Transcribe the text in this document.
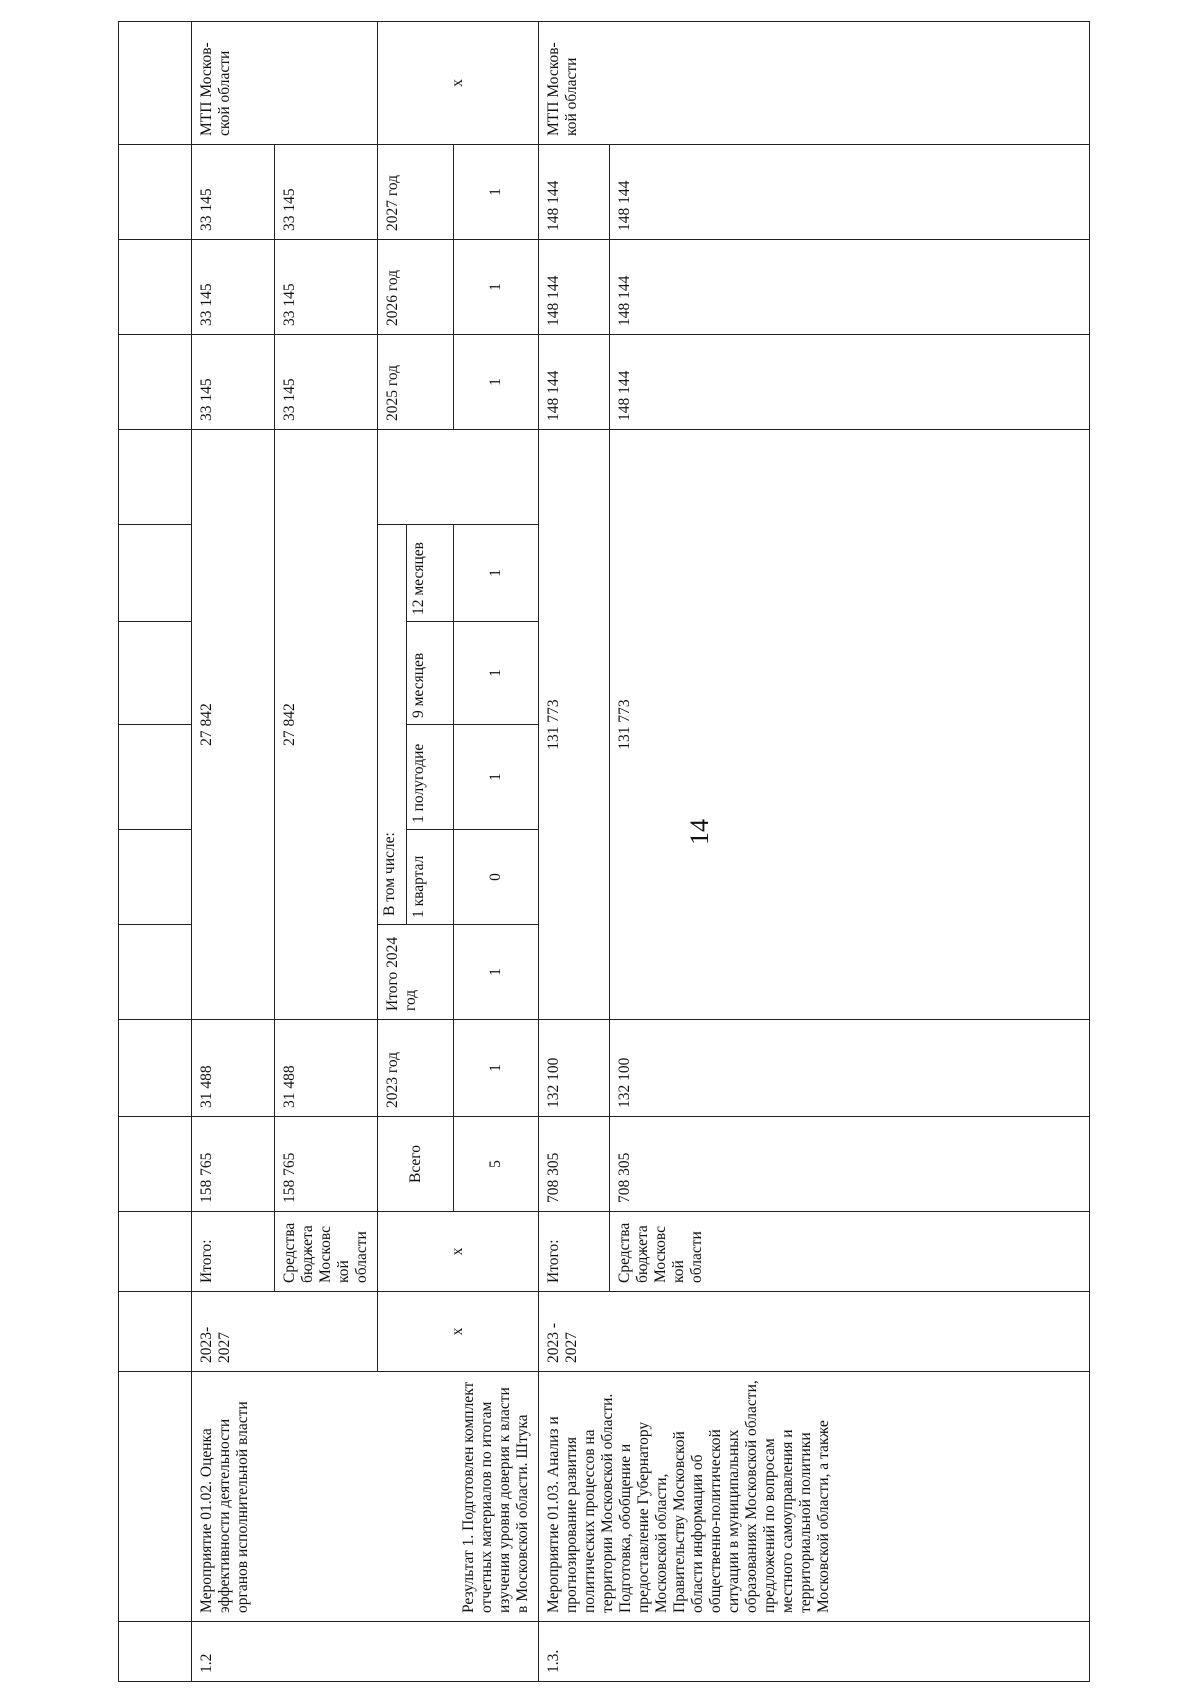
14

1.2	Мероприятие 01.02. Оценка эффективности деятельности органов исполнительной власти	2023-2027	Итого:	158 765	31 488	27 842						33 145	33 145	33 145	МТП Москов-ской области
			Средства бюджета Московской области	158 765	31 488	27 842						33 145	33 145	33 145	
	Результат 1. Подготовлен комплект отчетных материалов по итогам изучения уровня доверия к власти в Московской области. Штука	x	x	Всего	2023 год	Итого 2024 год	В том числе:					2025 год	2026 год	2027 год	x
							1 квартал	1 полугодие	9 месяцев	12 месяцев					
				5	1	1	0	1	1	1		1	1	1	
1.3.	Мероприятие 01.03. Анализ и прогнозирование развития политических процессов на территории Московской области. Подготовка, обобщение и предоставление Губернатору Московской области, Правительству Московской области информации об общественно-политической ситуации в муниципальных образованиях Московской области, предложений по вопросам местного самоуправления и территориальной политики Московской области, а также	2023 - 2027	Итого:	708 305	132 100	131 773						148 144	148 144	148 144	МТП Москов-кой области
			Средства бюджета Московской области	708 305	132 100	131 773						148 144	148 144	148 144	
